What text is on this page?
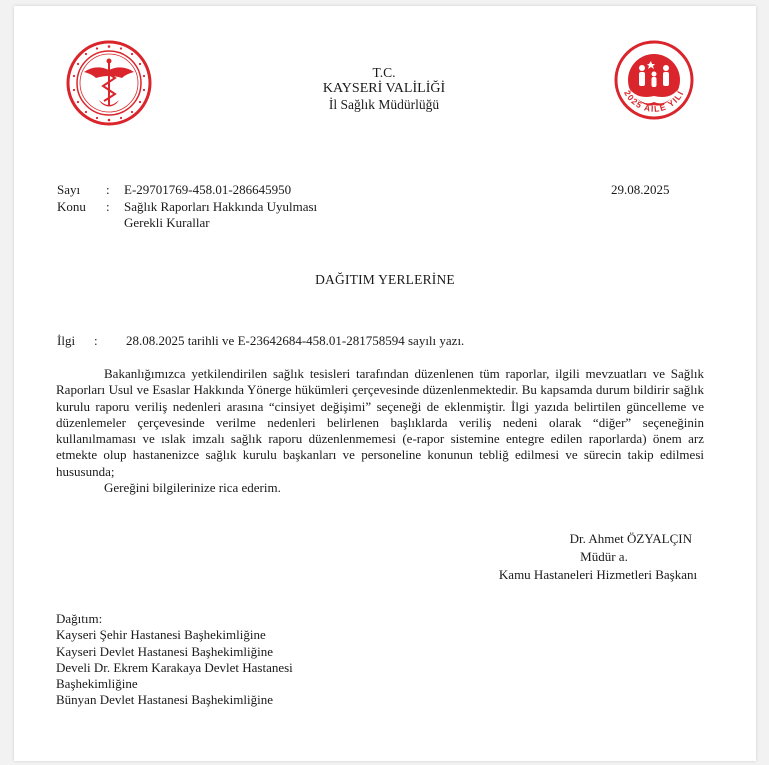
2025 AİLE YILI
T.C.
KAYSERİ VALİLİĞİ
İl Sağlık Müdürlüğü
Sayı : E-29701769-458.01-286645950	29.08.2025
Konu : Sağlık Raporları Hakkında Uyulması
Gerekli Kurallar
DAĞITIM YERLERİNE
İlgi : 28.08.2025 tarihli ve E-23642684-458.01-281758594 sayılı yazı.

Bakanlığımızca yetkilendirilen sağlık tesisleri tarafından düzenlenen tüm raporlar, ilgili mevzuatları ve Sağlık Raporları Usul ve Esaslar Hakkında Yönerge hükümleri çerçevesinde düzenlenmektedir. Bu kapsamda durum bildirir sağlık kurulu raporu veriliş nedenleri arasına “cinsiyet değişimi” seçeneği de eklenmiştir. İlgi yazıda belirtilen güncelleme ve düzenlemeler çerçevesinde verilme nedenleri belirlenen başlıklarda veriliş nedeni olarak “diğer” seçeneğinin kullanılmaması ve ıslak imzalı sağlık raporu düzenlenmemesi (e-rapor sistemine entegre edilen raporlarda) önem arz etmekte olup hastanenizce sağlık kurulu başkanları ve personeline konunun tebliğ edilmesi ve sürecin takip edilmesi hususunda;

Gereğini bilgilerinize rica ederim.

Dr. Ahmet ÖZYALÇIN
Müdür a.
Kamu Hastaneleri Hizmetleri Başkanı
Dağıtım:
Kayseri Şehir Hastanesi Başhekimliğine
Kayseri Devlet Hastanesi Başhekimliğine
Develi Dr. Ekrem Karakaya Devlet Hastanesi
Başhekimliğine
Bünyan Devlet Hastanesi Başhekimliğine
